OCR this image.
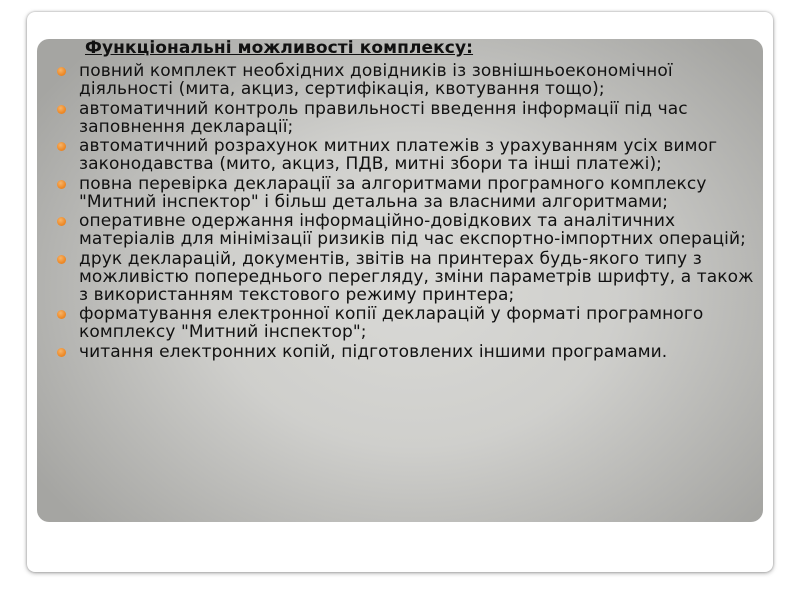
Функціональні можливості комплексу:
повний комплект необхідних довідників із зовнішньоекономічної діяльності (мита, акциз, сертифікація, квотування тощо);
автоматичний контроль правильності введення інформації під час заповнення декларації;
автоматичний розрахунок митних платежів з урахуванням усіх вимог законодавства (мито, акциз, ПДВ, митні збори та інші платежі);
повна перевірка декларації за алгоритмами програмного комплексу "Митний інспектор" і більш детальна за власними алгоритмами;
оперативне одержання інформаційно-довідкових та аналітичних матеріалів для мінімізації ризиків під час експортно-імпортних операцій;
друк декларацій, документів, звітів на принтерах будь-якого типу з можливістю попереднього перегляду, зміни параметрів шрифту, а також з використанням текстового режиму принтера;
форматування електронної копії декларацій у форматі програмного комплексу "Митний інспектор";
читання електронних копій, підготовлених іншими програмами.
